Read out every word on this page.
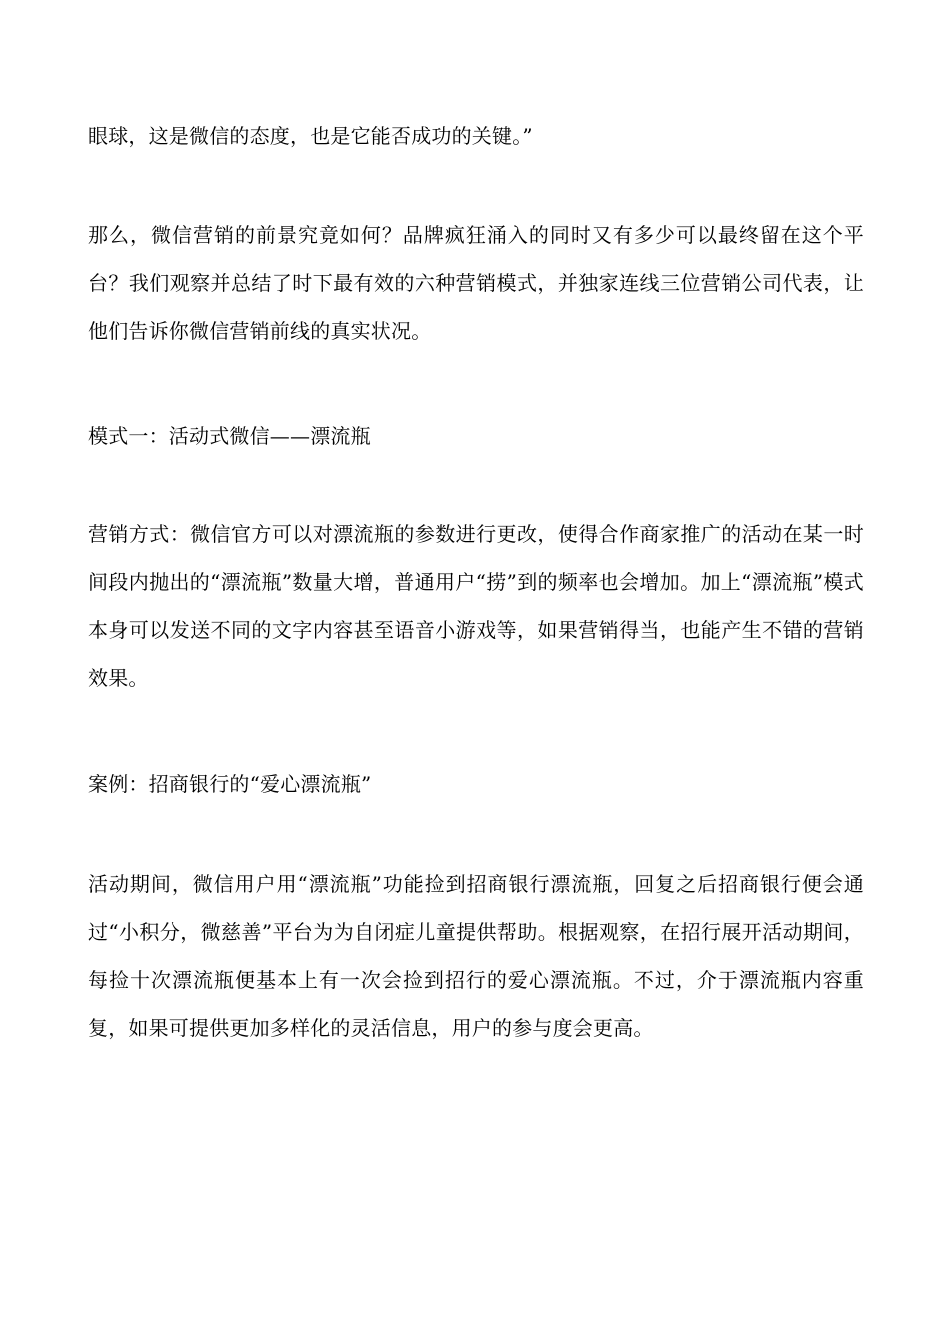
眼球，这是微信的态度，也是它能否成功的关键。”

那么，微信营销的前景究竟如何？品牌疯狂涌入的同时又有多少可以最终留在这个平台？我们观察并总结了时下最有效的六种营销模式，并独家连线三位营销公司代表，让他们告诉你微信营销前线的真实状况。

模式一：活动式微信——漂流瓶

营销方式：微信官方可以对漂流瓶的参数进行更改，使得合作商家推广的活动在某一时间段内抛出的“漂流瓶”数量大增，普通用户“捞”到的频率也会增加。加上“漂流瓶”模式本身可以发送不同的文字内容甚至语音小游戏等，如果营销得当，也能产生不错的营销效果。

案例：招商银行的“爱心漂流瓶”

活动期间，微信用户用“漂流瓶”功能捡到招商银行漂流瓶，回复之后招商银行便会通过“小积分，微慈善”平台为为自闭症儿童提供帮助。根据观察，在招行展开活动期间，每捡十次漂流瓶便基本上有一次会捡到招行的爱心漂流瓶。不过，介于漂流瓶内容重复，如果可提供更加多样化的灵活信息，用户的参与度会更高。
